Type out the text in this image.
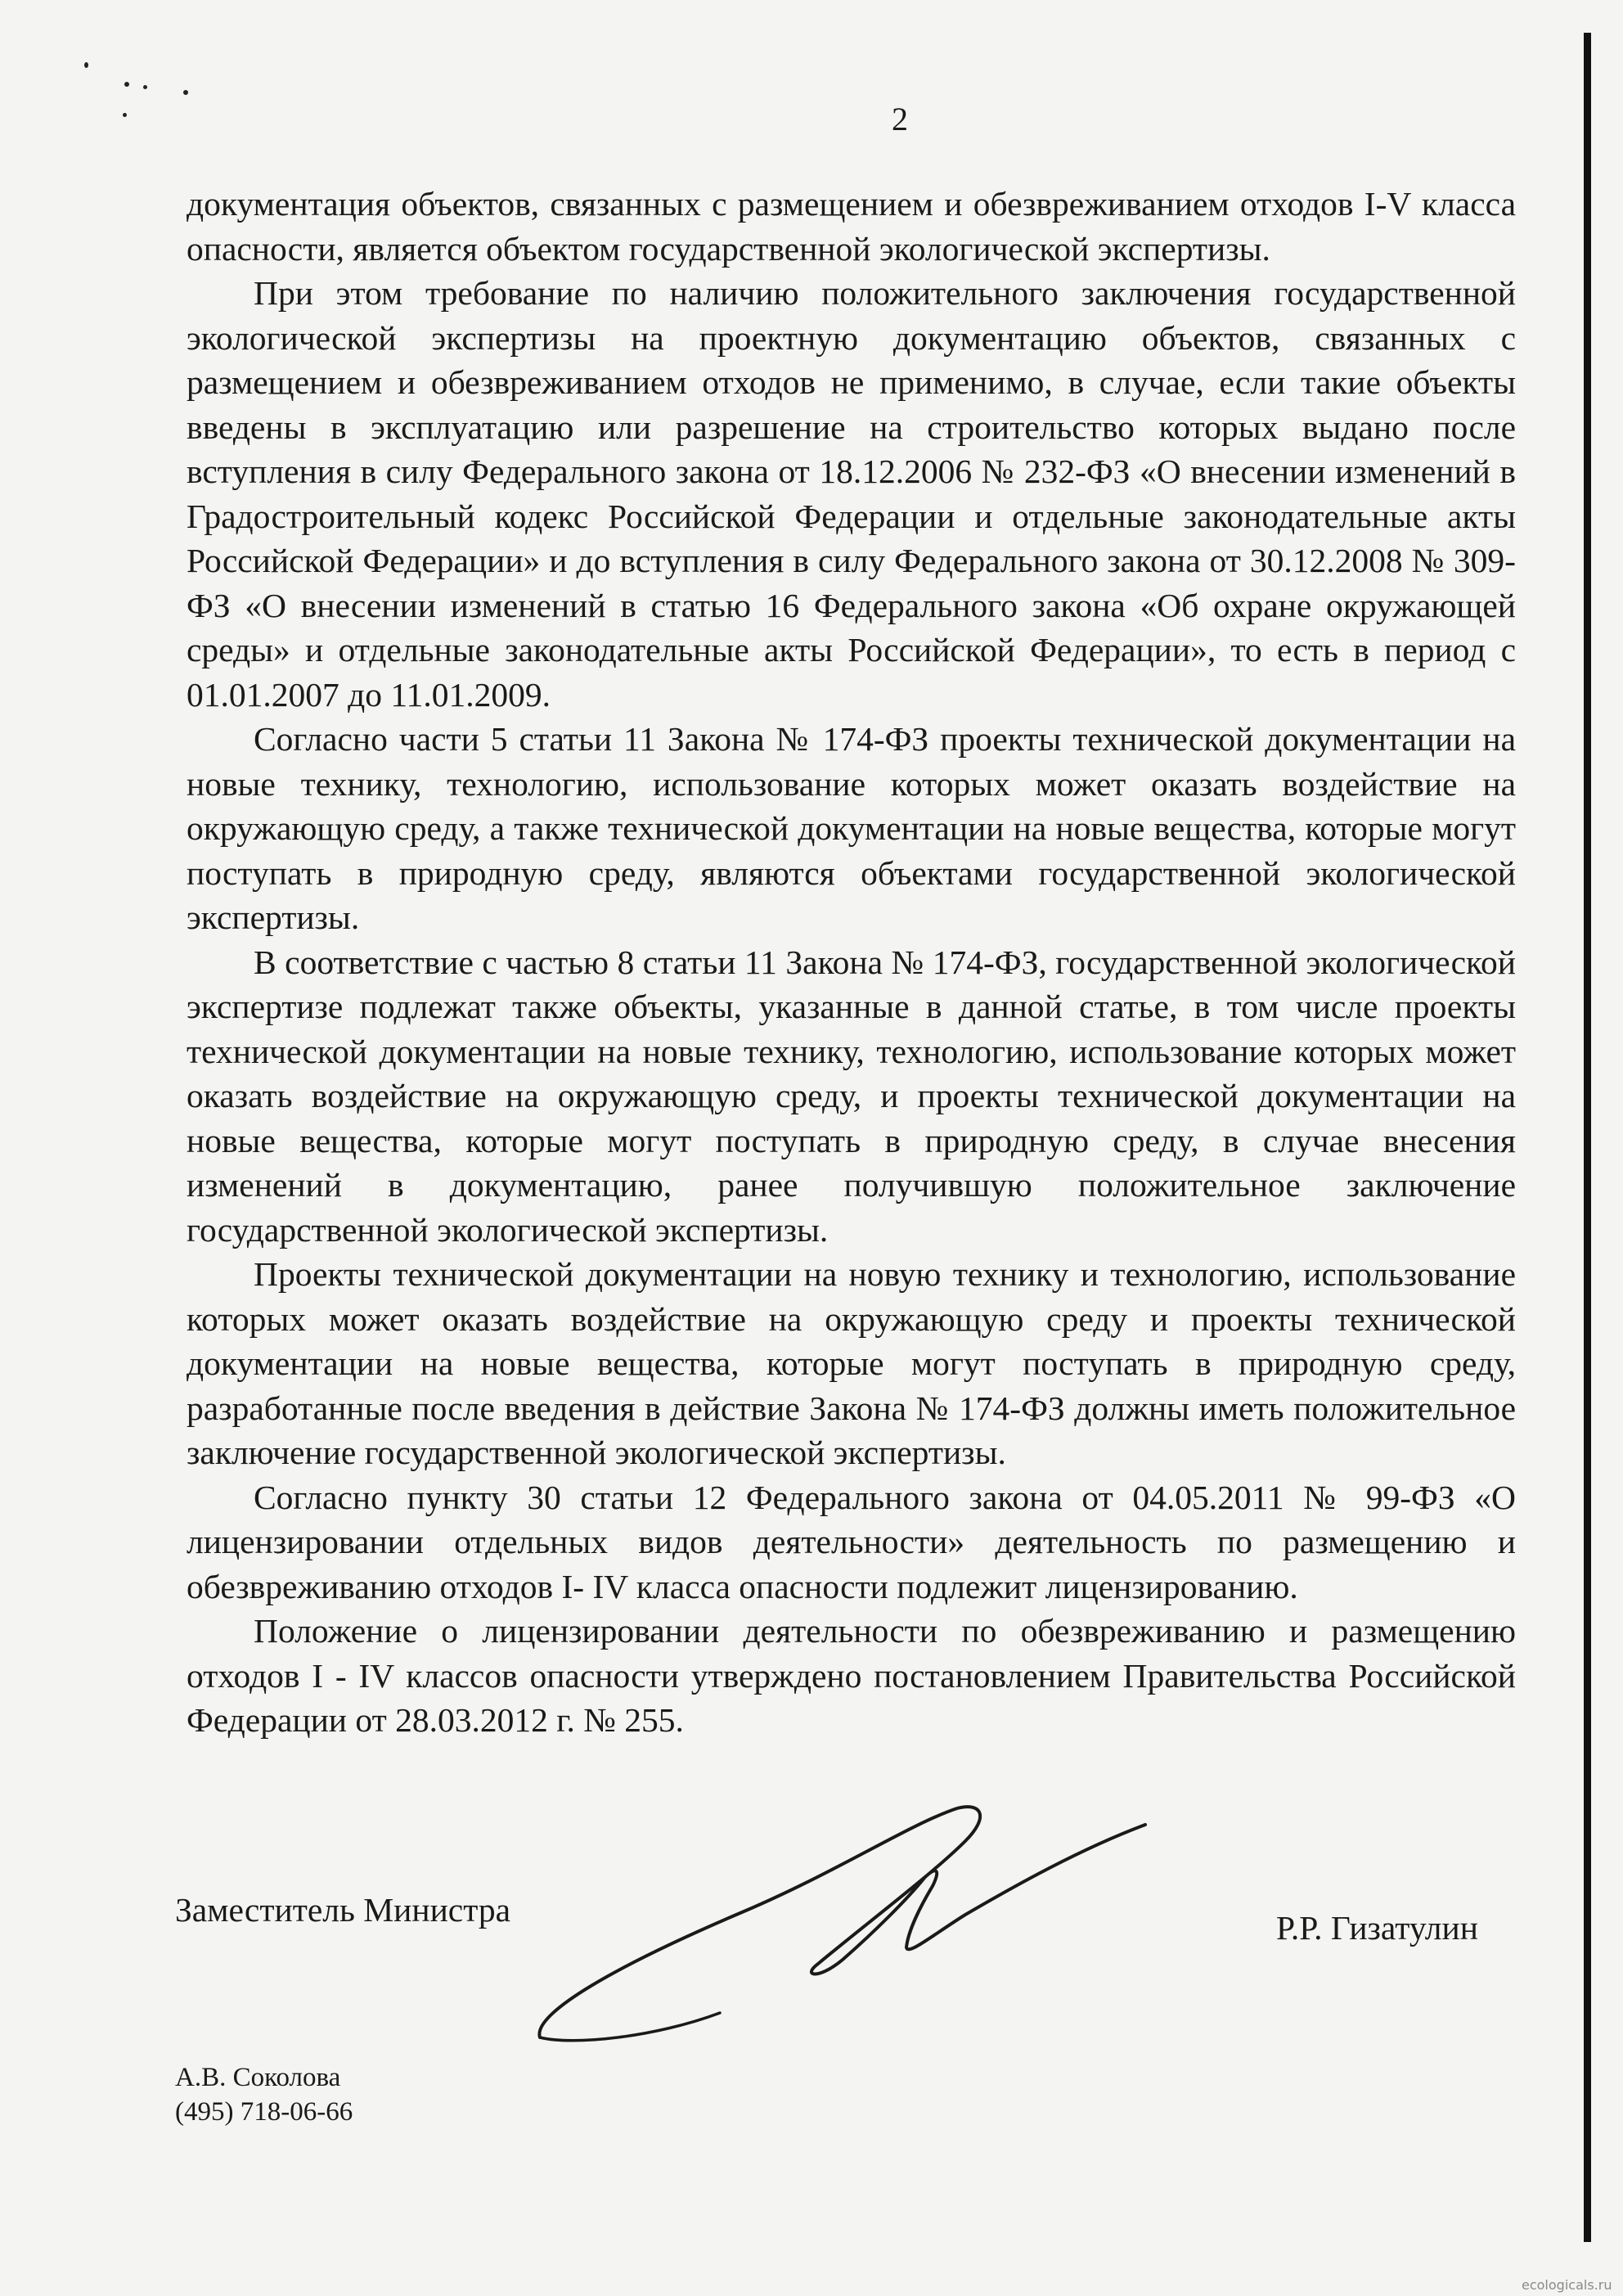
2

документация объектов, связанных с размещением и обезвреживанием отходов I-V класса опасности, является объектом государственной экологической экспертизы.

При этом требование по наличию положительного заключения государственной экологической экспертизы на проектную документацию объектов, связанных с размещением и обезвреживанием отходов не применимо, в случае, если такие объекты введены в эксплуатацию или разрешение на строительство которых выдано после вступления в силу Федерального закона от 18.12.2006 № 232-ФЗ «О внесении изменений в Градостроительный кодекс Российской Федерации и отдельные законодательные акты Российской Федерации» и до вступления в силу Федерального закона от 30.12.2008 № 309-ФЗ «О внесении изменений в статью 16 Федерального закона «Об охране окружающей среды» и отдельные законодательные акты Российской Федерации», то есть в период с 01.01.2007 до 11.01.2009.

Согласно части 5 статьи 11 Закона № 174-ФЗ проекты технической документации на новые технику, технологию, использование которых может оказать воздействие на окружающую среду, а также технической документации на новые вещества, которые могут поступать в природную среду, являются объектами государственной экологической экспертизы.

В соответствие с частью 8 статьи 11 Закона № 174-ФЗ, государственной экологической экспертизе подлежат также объекты, указанные в данной статье, в том числе проекты технической документации на новые технику, технологию, использование которых может оказать воздействие на окружающую среду, и проекты технической документации на новые вещества, которые могут поступать в природную среду, в случае внесения изменений в документацию, ранее получившую положительное заключение государственной экологической экспертизы.

Проекты технической документации на новую технику и технологию, использование которых может оказать воздействие на окружающую среду и проекты технической документации на новые вещества, которые могут поступать в природную среду, разработанные после введения в действие Закона № 174-ФЗ должны иметь положительное заключение государственной экологической экспертизы.

Согласно пункту 30 статьи 12 Федерального закона от 04.05.2011 № 99-ФЗ «О лицензировании отдельных видов деятельности» деятельность по размещению и обезвреживанию отходов I- IV класса опасности подлежит лицензированию.

Положение о лицензировании деятельности по обезвреживанию и размещению отходов I - IV классов опасности утверждено постановлением Правительства Российской Федерации от 28.03.2012 г. № 255.

Заместитель Министра	Р.Р. Гизатулин
А.В. Соколова
(495) 718-06-66
ecologicals.ru
